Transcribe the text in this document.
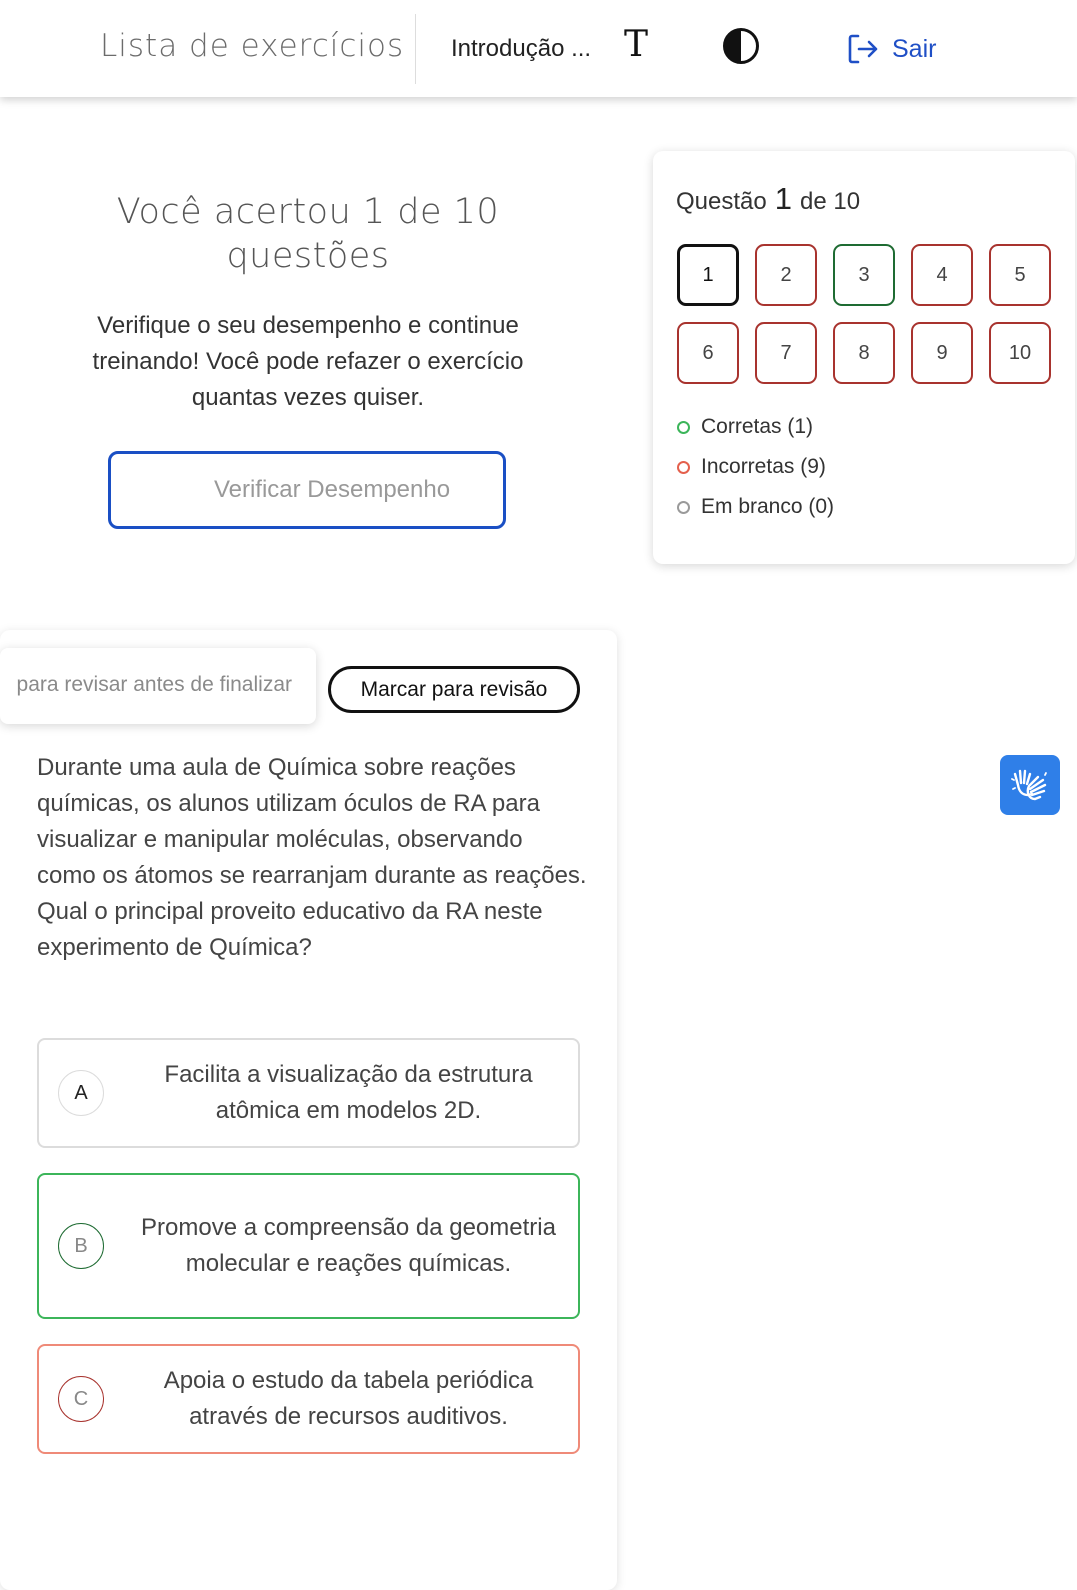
Lista de exercícios Introdução ... T	Sair
Você acertou 1 de 10 questões
Verifique o seu desempenho e continue treinando! Você pode refazer o exercício quantas vezes quiser.
Verificar Desempenho
Questão 1 de 10
1	2	3	4	5
6	7	8	9	10
Corretas (1)
Incorretas (9)
Em branco (0)
para revisar antes de finalizar	Marcar para revisão

Durante uma aula de Química sobre reações químicas, os alunos utilizam óculos de RA para visualizar e manipular moléculas, observando como os átomos se rearranjam durante as reações.

Qual o principal proveito educativo da RA neste experimento de Química?

A
Facilita a visualização da estrutura atômica em modelos 2D.
B
Promove a compreensão da geometria molecular e reações químicas.
C
Apoia o estudo da tabela periódica através de recursos auditivos.
